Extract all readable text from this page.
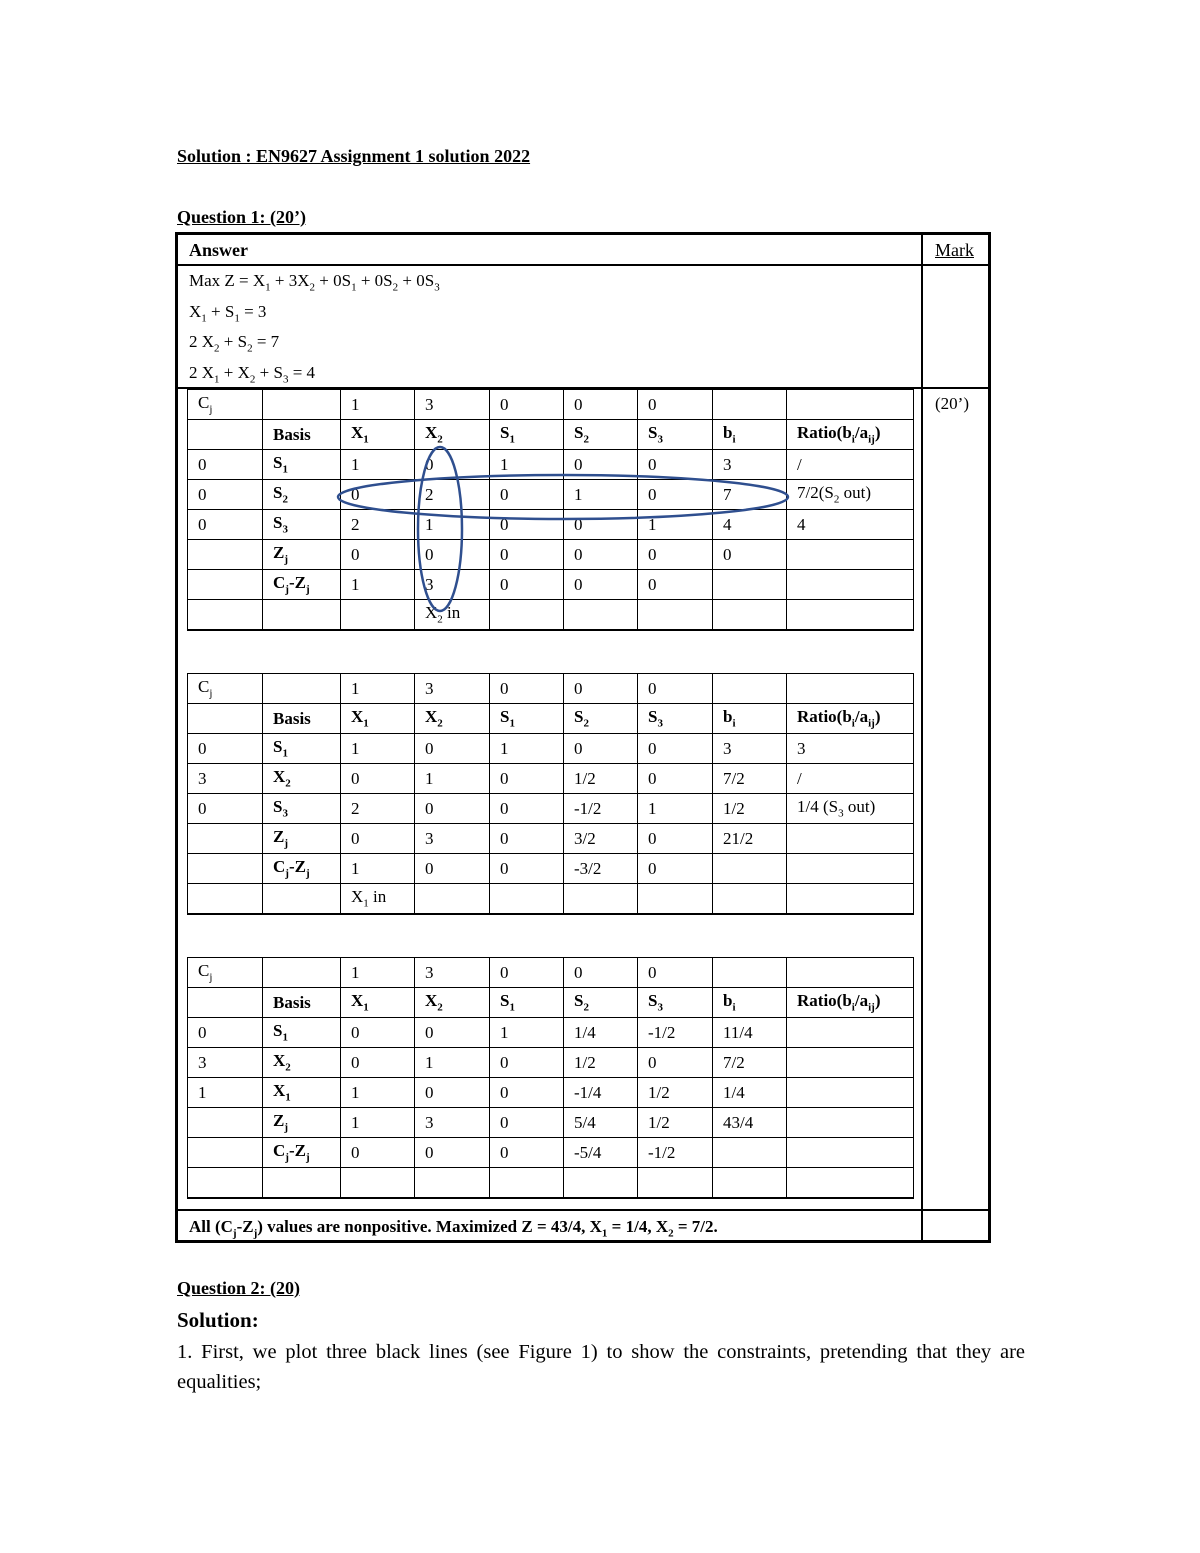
Solution : EN9627 Assignment 1 solution 2022
Question 1: (20’)
Answer	Mark
Max $Z = X_1 + 3X_2 + 0S_1 + 0S_2 + 0S_3$
$X_1 + S_1 = 3$
2 $X_2 + S_2 = 7$
2 $X_1 + X_2 + S_3 = 4$
(20’)
$C_j$		1	3	0	0	0		
	Basis	$X_1$	$X_2$	$S_1$	$S_2$	$S_3$	$b_i$	$Ratio(b_i/a_{ij})$
0	$S_1$	1	0	1	0	0	3	/
0	$S_2$	0	2	0	1	0	7	$7/2(S_2$ out)
0	$S_3$	2	1	0	0	1	4	4
	$Z_j$	0	0	0	0	0	0	
	$C_j-Z_j$	1	3	0	0	0		
			$X_2$ in					
$C_j$		1	3	0	0	0		
	Basis	$X_1$	$X_2$	$S_1$	$S_2$	$S_3$	$b_i$	$Ratio(b_i/a_{ij})$
0	$S_1$	1	0	1	0	0	3	3
3	$X_2$	0	1	0	1/2	0	7/2	/
0	$S_3$	2	0	0	-1/2	1	1/2	1/4 ($S_3$ out)
	$Z_j$	0	3	0	3/2	0	21/2	
	$C_j-Z_j$	1	0	0	-3/2	0		
		$X_1$ in						
$C_j$		1	3	0	0	0		
	Basis	$X_1$	$X_2$	$S_1$	$S_2$	$S_3$	$b_i$	$Ratio(b_i/a_{ij})$
0	$S_1$	0	0	1	1/4	-1/2	11/4	
3	$X_2$	0	1	0	1/2	0	7/2	
1	$X_1$	1	0	0	-1/4	1/2	1/4	
	$Z_j$	1	3	0	5/4	1/2	43/4	
	$C_j-Z_j$	0	0	0	-5/4	-1/2		

All $(C_j-Z_j)$ values are nonpositive. Maximized Z = 43/4, $X_1 = 1/4$, $X_2 = 7/2$.
Question 2: (20)
Solution:
1. First, we plot three black lines (see Figure 1) to show the constraints, pretending that they are equalities;
